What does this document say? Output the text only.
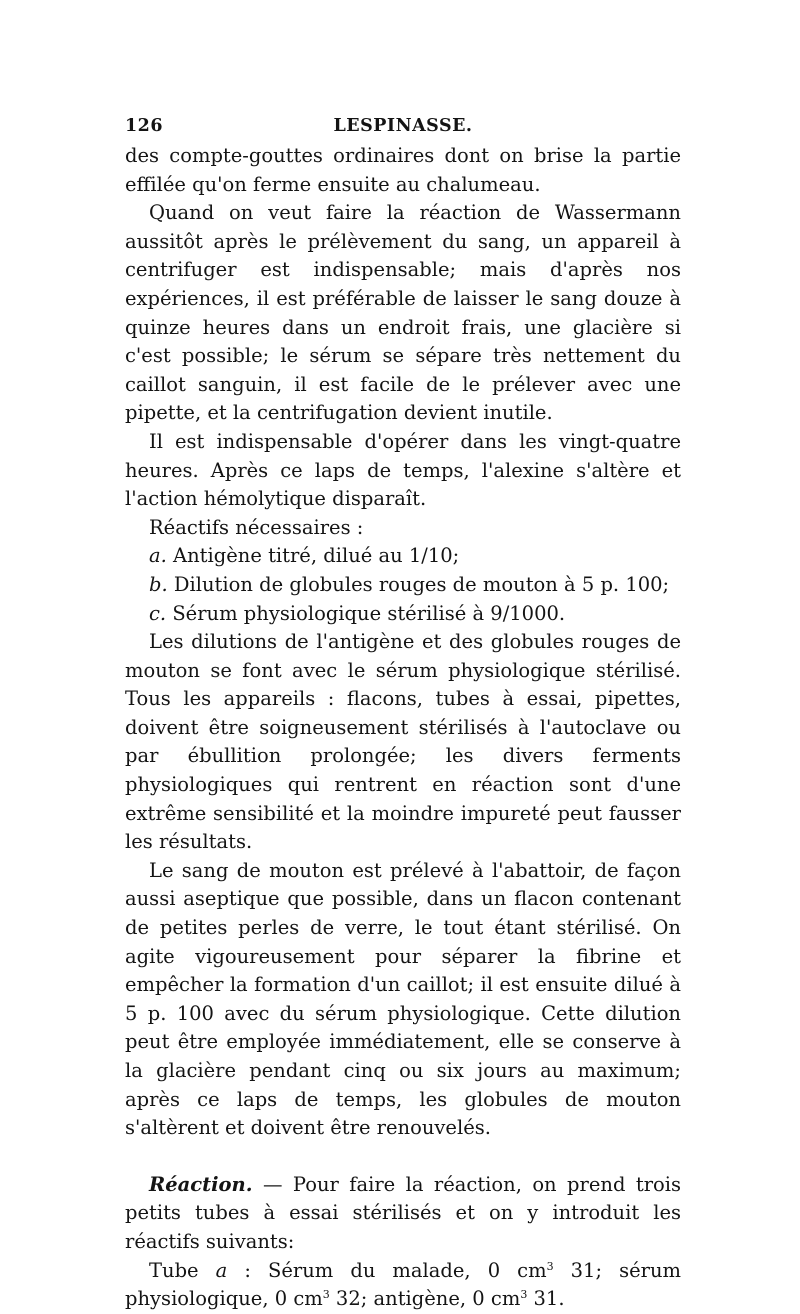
126	LESPINASSE.

des compte-gouttes ordinaires dont on brise la partie effilée qu'on ferme ensuite au chalumeau.

Quand on veut faire la réaction de Wassermann aussitôt après le prélèvement du sang, un appareil à centrifuger est indispensable; mais d'après nos expériences, il est préférable de laisser le sang douze à quinze heures dans un endroit frais, une glacière si c'est possible; le sérum se sépare très nettement du caillot sanguin, il est facile de le prélever avec une pipette, et la centrifugation devient inutile.

Il est indispensable d'opérer dans les vingt-quatre heures. Après ce laps de temps, l'alexine s'altère et l'action hémolytique disparaît.

Réactifs nécessaires :

a. Antigène titré, dilué au 1/10;

b. Dilution de globules rouges de mouton à 5 p. 100;

c. Sérum physiologique stérilisé à 9/1000.

Les dilutions de l'antigène et des globules rouges de mouton se font avec le sérum physiologique stérilisé. Tous les appareils : flacons, tubes à essai, pipettes, doivent être soigneusement stérilisés à l'autoclave ou par ébullition prolongée; les divers ferments physiologiques qui rentrent en réaction sont d'une extrême sensibilité et la moindre impureté peut fausser les résultats.

Le sang de mouton est prélevé à l'abattoir, de façon aussi aseptique que possible, dans un flacon contenant de petites perles de verre, le tout étant stérilisé. On agite vigoureusement pour séparer la fibrine et empêcher la formation d'un caillot; il est ensuite dilué à 5 p. 100 avec du sérum physiologique. Cette dilution peut être employée immédiatement, elle se conserve à la glacière pendant cinq ou six jours au maximum; après ce laps de temps, les globules de mouton s'altèrent et doivent être renouvelés.

Réaction. — Pour faire la réaction, on prend trois petits tubes à essai stérilisés et on y introduit les réactifs suivants:

Tube a : Sérum du malade, 0 $cm^3$ 31; sérum physiologique, 0 $cm^3$ 32; antigène, 0 $cm^3$ 31.
